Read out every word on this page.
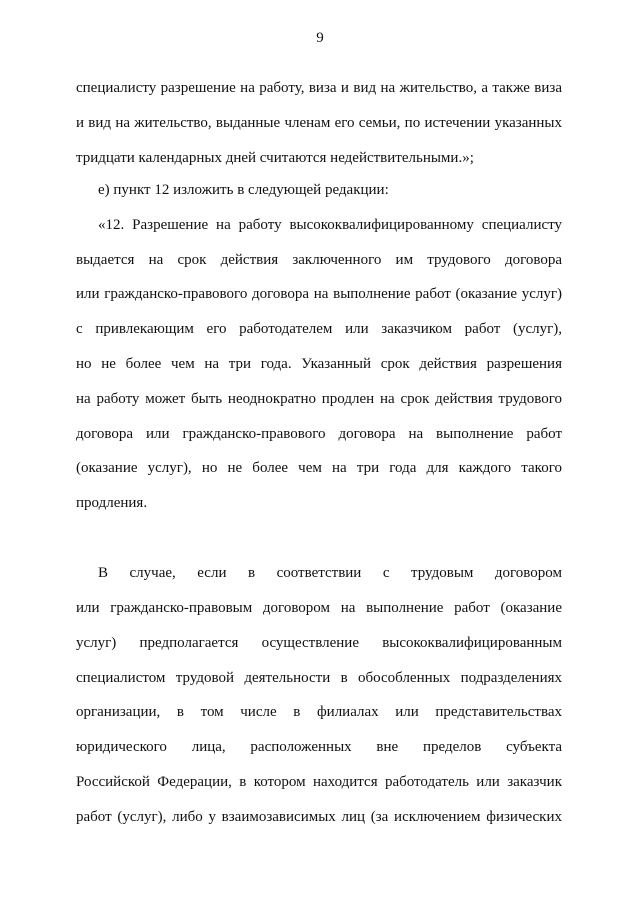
9
специалисту разрешение на работу, виза и вид на жительство, а также виза
и вид на жительство, выданные членам его семьи, по истечении указанных
тридцати календарных дней считаются недействительными.»;
е) пункт 12 изложить в следующей редакции:
«12. Разрешение на работу высококвалифицированному специалисту
выдается на срок действия заключенного им трудового договора
или гражданско-правового договора на выполнение работ (оказание услуг)
с привлекающим его работодателем или заказчиком работ (услуг),
но не более чем на три года. Указанный срок действия разрешения
на работу может быть неоднократно продлен на срок действия трудового
договора или гражданско-правового договора на выполнение работ
(оказание услуг), но не более чем на три года для каждого такого
продления.
В случае, если в соответствии с трудовым договором
или гражданско-правовым договором на выполнение работ (оказание
услуг) предполагается осуществление высококвалифицированным
специалистом трудовой деятельности в обособленных подразделениях
организации, в том числе в филиалах или представительствах
юридического лица, расположенных вне пределов субъекта
Российской Федерации, в котором находится работодатель или заказчик
работ (услуг), либо у взаимозависимых лиц (за исключением физических
